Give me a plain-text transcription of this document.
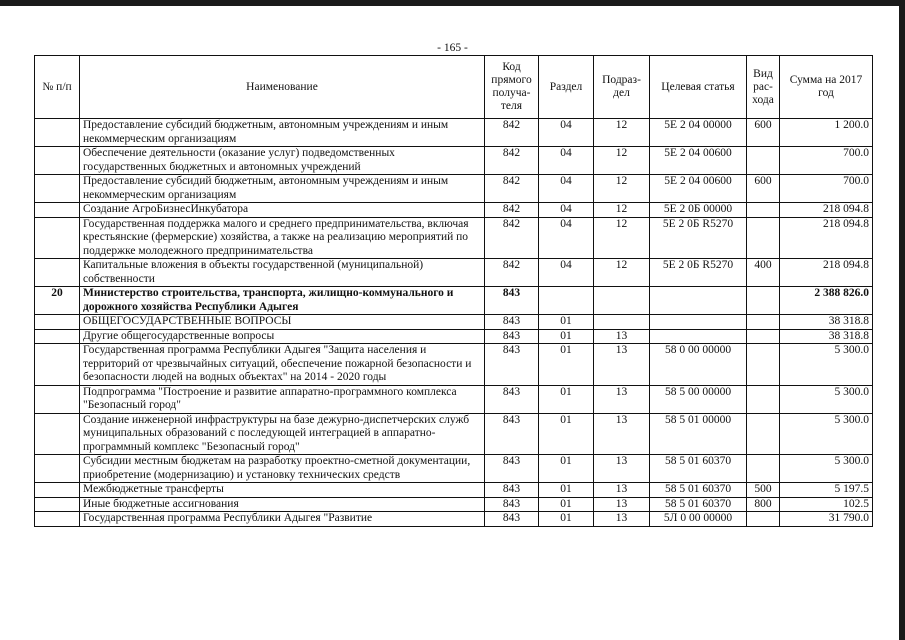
- 165 -
№ п/п	Наименование	Код прямого получа-теля	Раздел	Подраз-дел	Целевая статья	Вид рас-хода	Сумма на 2017 год
	Предоставление субсидий бюджетным, автономным учреждениям и иным некоммерческим организациям	842	04	12	5Е 2 04 00000	600	1 200.0
	Обеспечение деятельности (оказание услуг) подведомственных государственных бюджетных и автономных учреждений	842	04	12	5Е 2 04 00600		700.0
	Предоставление субсидий бюджетным, автономным учреждениям и иным некоммерческим организациям	842	04	12	5Е 2 04 00600	600	700.0
	Создание АгроБизнесИнкубатора	842	04	12	5Е 2 0Б 00000		218 094.8
	Государственная поддержка малого и среднего предпринимательства, включая крестьянские (фермерские) хозяйства, а также на реализацию мероприятий по поддержке молодежного предпринимательства	842	04	12	5Е 2 0Б R5270		218 094.8
	Капитальные вложения в объекты государственной (муниципальной) собственности	842	04	12	5Е 2 0Б R5270	400	218 094.8
20	Министерство строительства, транспорта, жилищно-коммунального и дорожного хозяйства Республики Адыгея	843					2 388 826.0
	ОБЩЕГОСУДАРСТВЕННЫЕ ВОПРОСЫ	843	01				38 318.8
	Другие общегосударственные вопросы	843	01	13			38 318.8
	Государственная программа Республики Адыгея "Защита населения и территорий от чрезвычайных ситуаций, обеспечение пожарной безопасности и безопасности людей на водных объектах" на 2014 - 2020 годы	843	01	13	58 0 00 00000		5 300.0
	Подпрограмма "Построение и развитие аппаратно-программного комплекса "Безопасный город"	843	01	13	58 5 00 00000		5 300.0
	Создание инженерной инфраструктуры на базе дежурно-диспетчерских служб муниципальных образований с последующей интеграцией в аппаратно-программный комплекс "Безопасный город"	843	01	13	58 5 01 00000		5 300.0
	Субсидии местным бюджетам на разработку проектно-сметной документации, приобретение (модернизацию) и установку технических средств	843	01	13	58 5 01 60370		5 300.0
	Межбюджетные трансферты	843	01	13	58 5 01 60370	500	5 197.5
	Иные бюджетные ассигнования	843	01	13	58 5 01 60370	800	102.5
	Государственная программа Республики Адыгея "Развитие	843	01	13	5Л 0 00 00000		31 790.0
